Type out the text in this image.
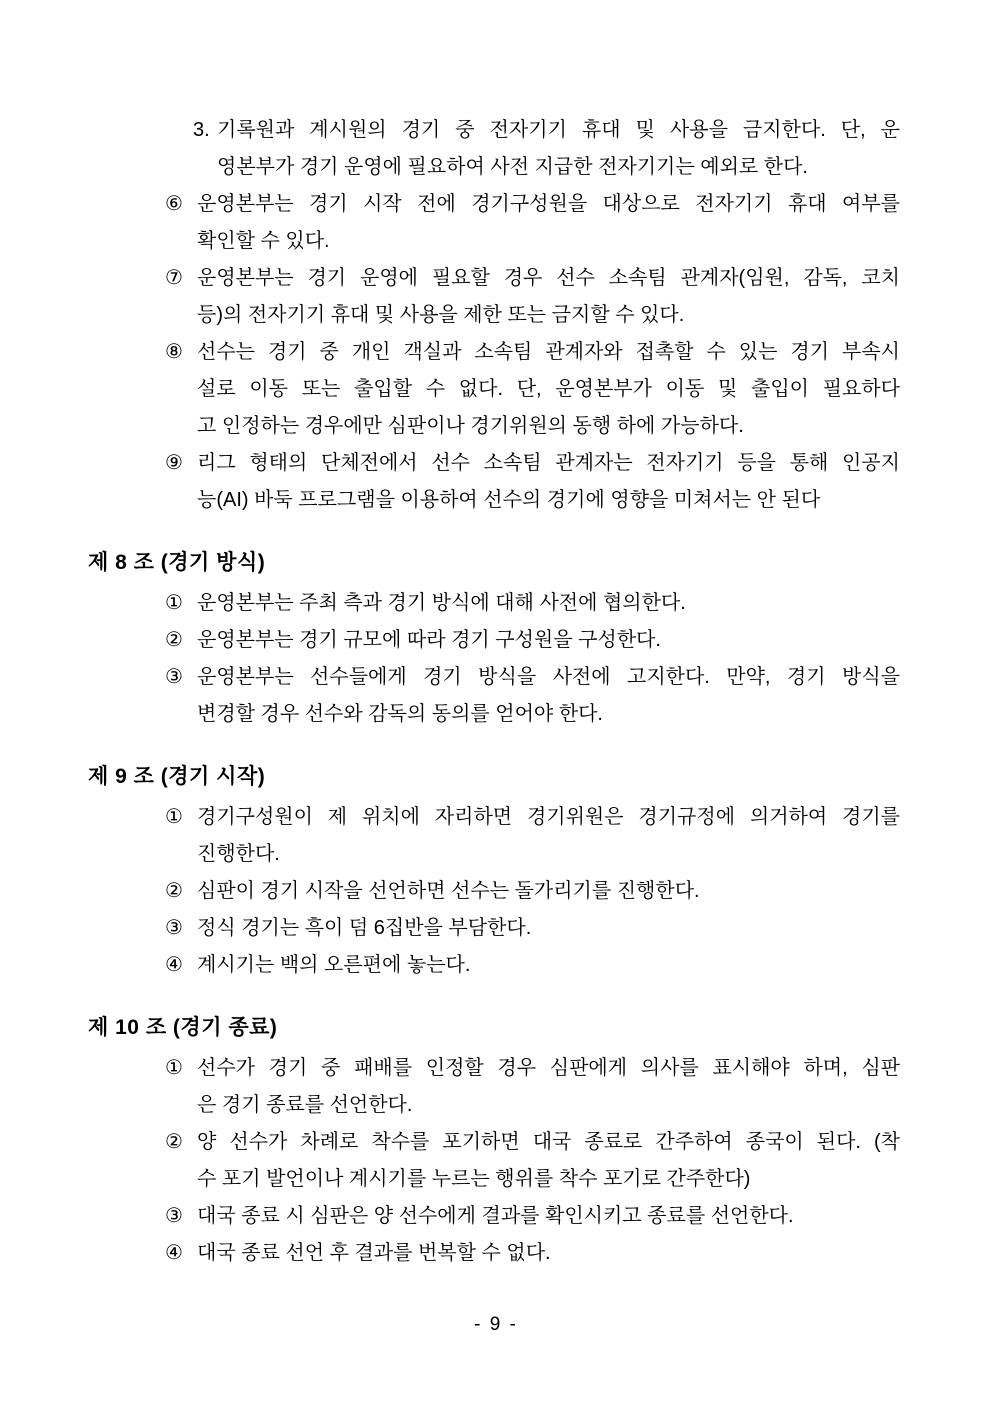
3. 기록원과 계시원의 경기 중 전자기기 휴대 및 사용을 금지한다. 단, 운
영본부가 경기 운영에 필요하여 사전 지급한 전자기기는 예외로 한다.
⑥ 운영본부는 경기 시작 전에 경기구성원을 대상으로 전자기기 휴대 여부를
확인할 수 있다.
⑦ 운영본부는 경기 운영에 필요할 경우 선수 소속팀 관계자(임원, 감독, 코치
등)의 전자기기 휴대 및 사용을 제한 또는 금지할 수 있다.
⑧ 선수는 경기 중 개인 객실과 소속팀 관계자와 접촉할 수 있는 경기 부속시
설로 이동 또는 출입할 수 없다. 단, 운영본부가 이동 및 출입이 필요하다
고 인정하는 경우에만 심판이나 경기위원의 동행 하에 가능하다.
⑨ 리그 형태의 단체전에서 선수 소속팀 관계자는 전자기기 등을 통해 인공지
능(AI) 바둑 프로그램을 이용하여 선수의 경기에 영향을 미쳐서는 안 된다
제 8 조 (경기 방식)
① 운영본부는 주최 측과 경기 방식에 대해 사전에 협의한다.
② 운영본부는 경기 규모에 따라 경기 구성원을 구성한다.
③ 운영본부는 선수들에게 경기 방식을 사전에 고지한다. 만약, 경기 방식을
변경할 경우 선수와 감독의 동의를 얻어야 한다.
제 9 조 (경기 시작)
① 경기구성원이 제 위치에 자리하면 경기위원은 경기규정에 의거하여 경기를
진행한다.
② 심판이 경기 시작을 선언하면 선수는 돌가리기를 진행한다.
③ 정식 경기는 흑이 덤 6집반을 부담한다.
④ 계시기는 백의 오른편에 놓는다.
제 10 조 (경기 종료)
① 선수가 경기 중 패배를 인정할 경우 심판에게 의사를 표시해야 하며, 심판
은 경기 종료를 선언한다.
② 양 선수가 차례로 착수를 포기하면 대국 종료로 간주하여 종국이 된다. (착
수 포기 발언이나 계시기를 누르는 행위를 착수 포기로 간주한다)
③ 대국 종료 시 심판은 양 선수에게 결과를 확인시키고 종료를 선언한다.
④ 대국 종료 선언 후 결과를 번복할 수 없다.
- 9 -
